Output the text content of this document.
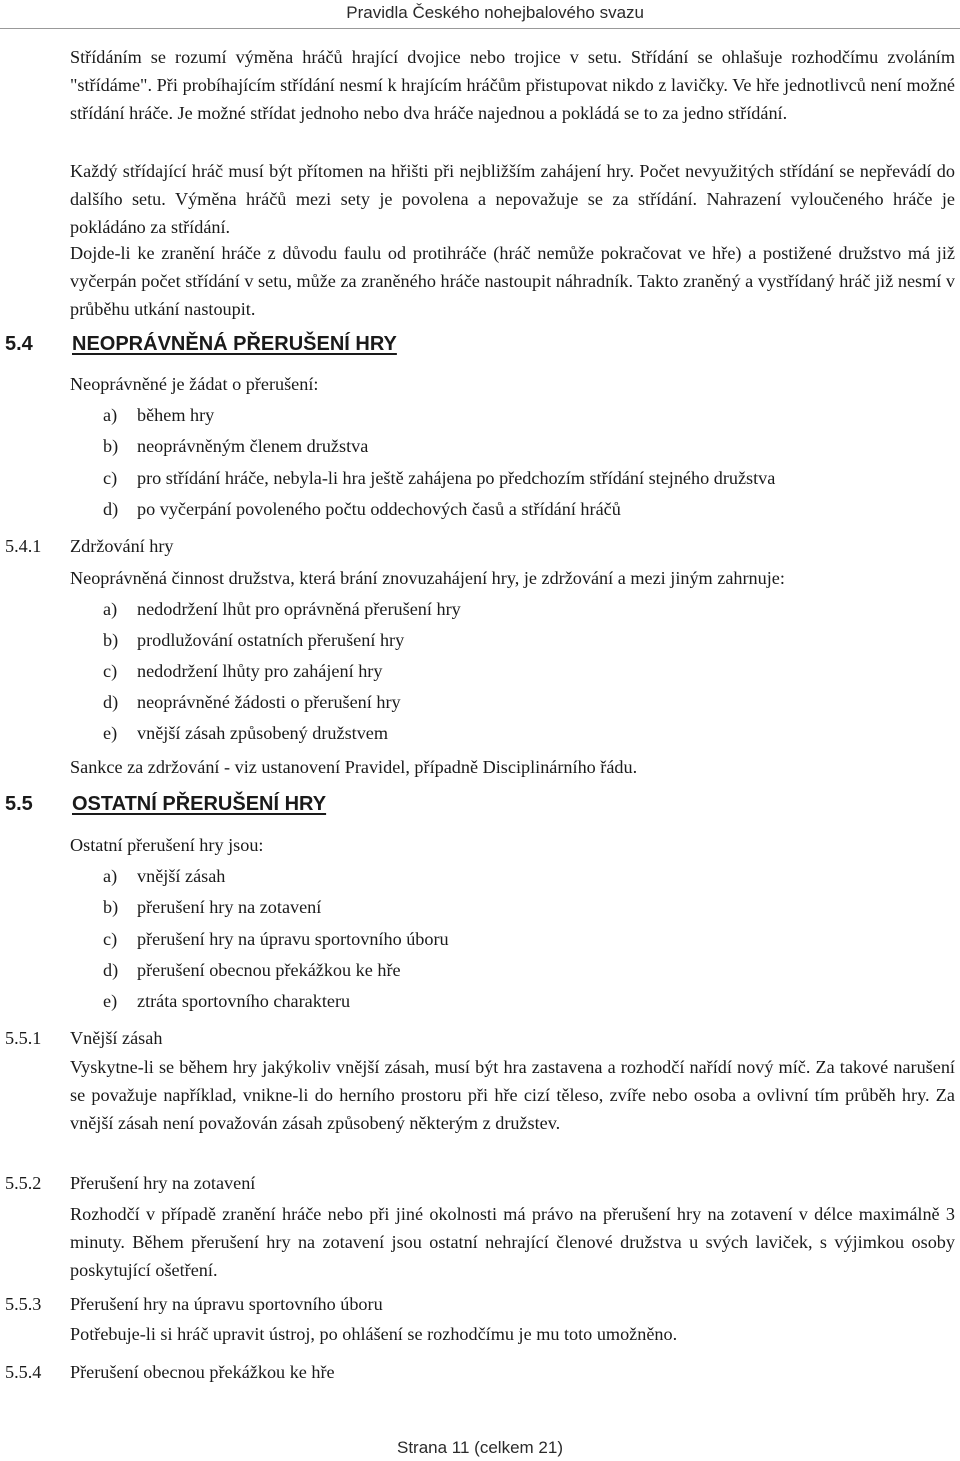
Pravidla Českého nohejbalového svazu

Střídáním se rozumí výměna hráčů hrající dvojice nebo trojice v setu. Střídání se ohlašuje rozhodčímu zvoláním "střídáme". Při probíhajícím střídání nesmí k hrajícím hráčům přistupovat nikdo z lavičky. Ve hře jednotlivců není možné střídání hráče. Je možné střídat jednoho nebo dva hráče najednou a pokládá se to za jedno střídání.

Každý střídající hráč musí být přítomen na hřišti při nejbližším zahájení hry. Počet nevyužitých střídání se nepřevádí do dalšího setu. Výměna hráčů mezi sety je povolena a nepovažuje se za střídání. Nahrazení vyloučeného hráče je pokládáno za střídání.

Dojde-li ke zranění hráče z důvodu faulu od protihráče (hráč nemůže pokračovat ve hře) a postižené družstvo má již vyčerpán počet střídání v setu, může za zraněného hráče nastoupit náhradník. Takto zraněný a vystřídaný hráč již nesmí v průběhu utkání nastoupit.

5.4 NEOPRÁVNĚNÁ PŘERUŠENÍ HRY
Neoprávněné je žádat o přerušení:
a) během hry
b) neoprávněným členem družstva
c) pro střídání hráče, nebyla-li hra ještě zahájena po předchozím střídání stejného družstva
d) po vyčerpání povoleného počtu oddechových časů a střídání hráčů
5.4.1 Zdržování hry
Neoprávněná činnost družstva, která brání znovuzahájení hry, je zdržování a mezi jiným zahrnuje:
a) nedodržení lhůt pro oprávněná přerušení hry
b) prodlužování ostatních přerušení hry
c) nedodržení lhůty pro zahájení hry
d) neoprávněné žádosti o přerušení hry
e) vnější zásah způsobený družstvem
Sankce za zdržování - viz ustanovení Pravidel, případně Disciplinárního řádu.
5.5 OSTATNÍ PŘERUŠENÍ HRY
Ostatní přerušení hry jsou:
a) vnější zásah
b) přerušení hry na zotavení
c) přerušení hry na úpravu sportovního úboru
d) přerušení obecnou překážkou ke hře
e) ztráta sportovního charakteru
5.5.1 Vnější zásah

Vyskytne-li se během hry jakýkoliv vnější zásah, musí být hra zastavena a rozhodčí nařídí nový míč. Za takové narušení se považuje například, vnikne-li do herního prostoru při hře cizí těleso, zvíře nebo osoba a ovlivní tím průběh hry. Za vnější zásah není považován zásah způsobený některým z družstev.

5.5.2 Přerušení hry na zotavení

Rozhodčí v případě zranění hráče nebo při jiné okolnosti má právo na přerušení hry na zotavení v délce maximálně 3 minuty. Během přerušení hry na zotavení jsou ostatní nehrající členové družstva u svých laviček, s výjimkou osoby poskytující ošetření.

5.5.3 Přerušení hry na úpravu sportovního úboru

Potřebuje-li si hráč upravit ústroj, po ohlášení se rozhodčímu je mu toto umožněno.

5.5.4 Přerušení obecnou překážkou ke hře
Strana 11 (celkem 21)
